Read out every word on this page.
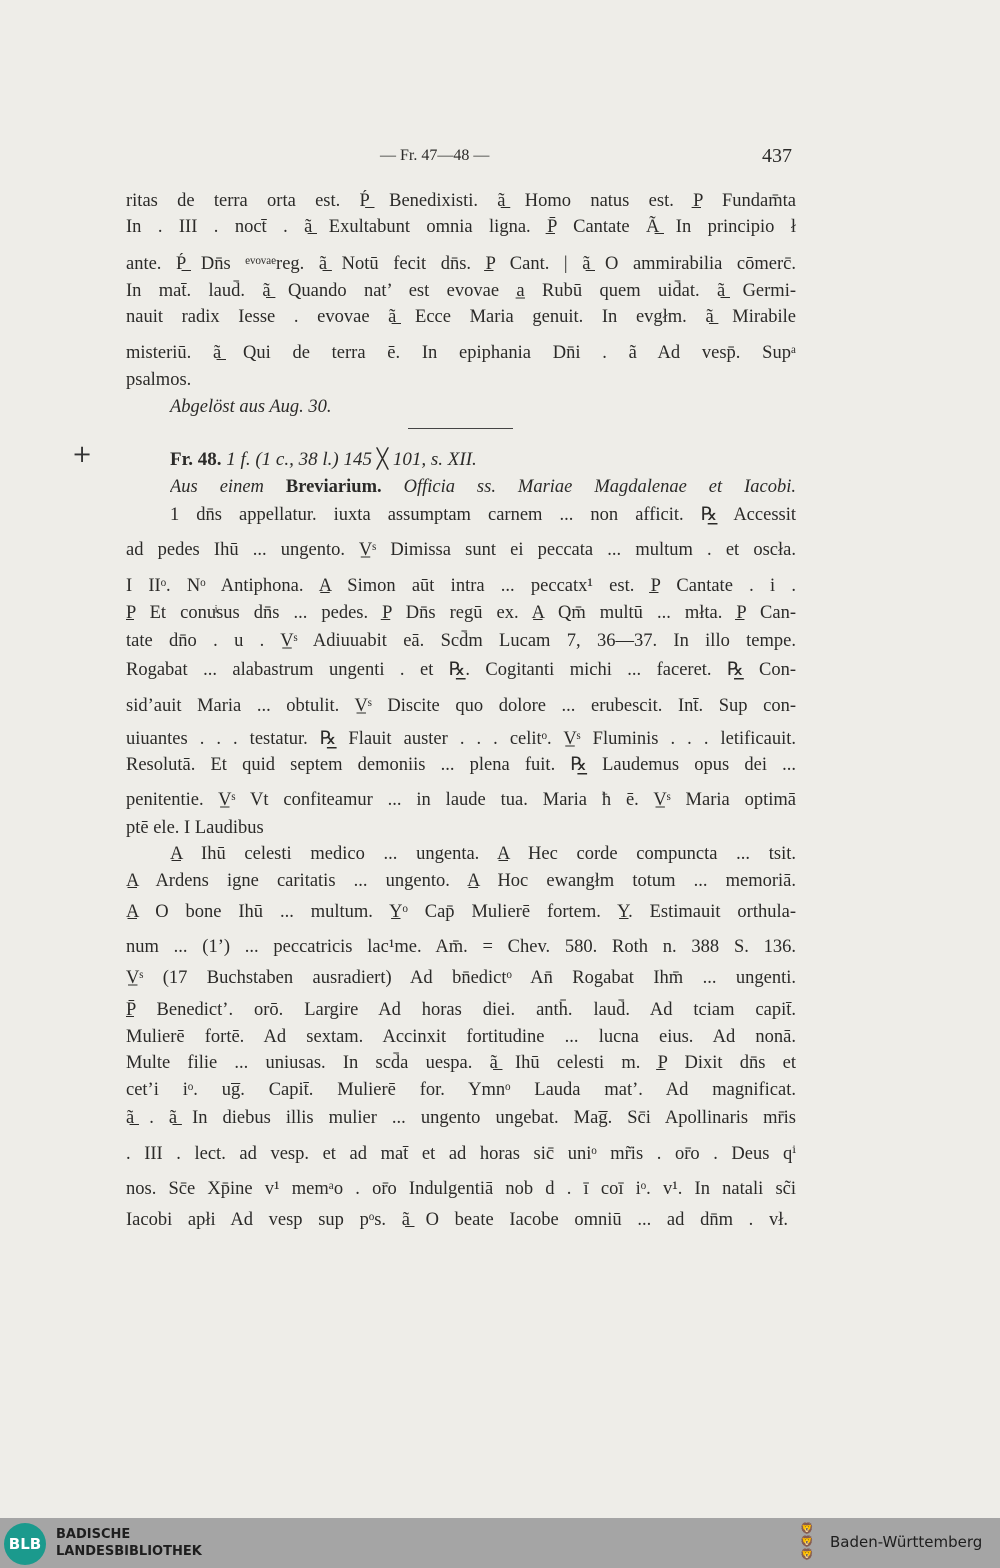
— Fr. 47—48 —	437
ritas de terra orta est. Ṕ̲̲ Benedixisti. ã̲̲ Homo natus est. P̲̲ Fundam̄ta
In . III . noct̄ . ã̲̲ Exultabunt omnia ligna. P̲̲̄ Cantate Ã̲̲ In principio ł
ante. Ṕ̲̲ Dn̄s ᵉᵛᵒᵛᵃᵉreg. ã̲̲ Notū fecit dn̄s. P̲̲ Cant. | ã̲̲ O ammirabilia cōmerc̄.
In mat̄. laud̄. ã̲̲ Quando nat’ est evovae a̲̲ Rubū quem uid̄at. ã̲̲ Germi-
nauit radix Iesse . evovae ã̲̲ Ecce Maria genuit. In evgłm. ã̲̲ Mirabile
misteriū. ã̲̲ Qui de terra ē. In epiphania Dn̄i . ã Ad vesp̄. Supᵃ
psalmos.
Abgelöst aus Aug. 30.
+	Fr. 48. 1 f. (1 c., 38 l.) 145 ╳ 101, s. XII.
Aus einem Breviarium. Officia ss. Mariae Magdalenae et Iacobi.
1 dn̄s appellatur. iuxta assumptam carnem ... non afficit. ℞̲̲ Accessit
ad pedes Ihū ... ungento. V̲̲ˢ Dimissa sunt ei peccata ... multum . et oscła.
I IIᵒ. Nᵒ Antiphona. A̲̲ Simon aūt intra ... peccatx¹ est. P̲̲ Cantate . i .
P̲̲ Et conuͥsus dn̄s ... pedes. P̲̲ Dn̄s regū ex. A̲̲ Qm̄ multū ... młta. P̲̲ Can-
tate dn̄o . u . V̲̲ˢ Adiuuabit eā. Scd̄m Lucam 7, 36—37. In illo tempe.
Rogabat ... alabastrum ungenti . et ℞̲̲. Cogitanti michi ... faceret. ℞̲̲ Con-
sid’auit Maria ... obtulit. V̲̲ˢ Discite quo dolore ... erubescit. Int̄. Sup con-
uiuantes . . . testatur. ℞̲̲ Flauit auster . . . celitᵒ. V̲̲ˢ Fluminis . . . letificauit.
Resolutā. Et quid septem demoniis ... plena fuit. ℞̲̲ Laudemus opus dei ...
penitentie. V̲̲ˢ Vt confiteamur ... in laude tua. Maria ħ ē. V̲̲ˢ Maria optimā
ptē ele. I Laudibus
A̲̲ Ihū celesti medico ... ungenta. A̲̲ Hec corde compuncta ... tsit.
A̲̲ Ardens igne caritatis ... ungento. A̲̲ Hoc ewangłm totum ... memoriā.
A̲̲ O bone Ihū ... multum. Y̲̲ᵒ Cap̄ Mulierē fortem. Y̲̲. Estimauit orthula-
num ... (1’) ... peccatricis lac¹me. Am̄. = Chev. 580. Roth n. 388 S. 136.
V̲̲ˢ (17 Buchstaben ausradiert) Ad bn̄edictᵒ An̄ Rogabat Ihm̄ ... ungenti.
P̲̲̄ Benedict’. orō. Largire Ad horas diei. anth̄. laud̄. Ad tciam capit̄.
Mulierē fortē. Ad sextam. Accinxit fortitudine ... lucna eius. Ad nonā.
Multe filie ... uniusas. In scd̄a uespa. ã̲̲ Ihū celesti m. P̲̲ Dixit dn̄s et
cet’i iᵒ. ug̅. Capit̄. Mulierē for. Ymnᵒ Lauda mat’. Ad magnificat.
ã̲̲ . ã̲̲ In diebus illis mulier ... ungento ungebat. Mag̅. Sc̄i Apollinaris mr̄is
. III . lect. ad vesp. et ad mat̄ et ad horas sic̄ uniᵒ mr̃is . or̄o . Deus qⁱ
nos. Sc̄e Xp̄ine v¹ memᵃo . or̄o Indulgentiā nob d . ī coī iᵒ. v¹. In natali sc̃i
Iacobi apłi Ad vesp sup pᵒs. ã̲̲ O beate Iacobe omniū ... ad dn̄m . vł.
BLB
BADISCHE
LANDESBIBLIOTHEK
🦁
🦁
🦁
Baden-Württemberg
